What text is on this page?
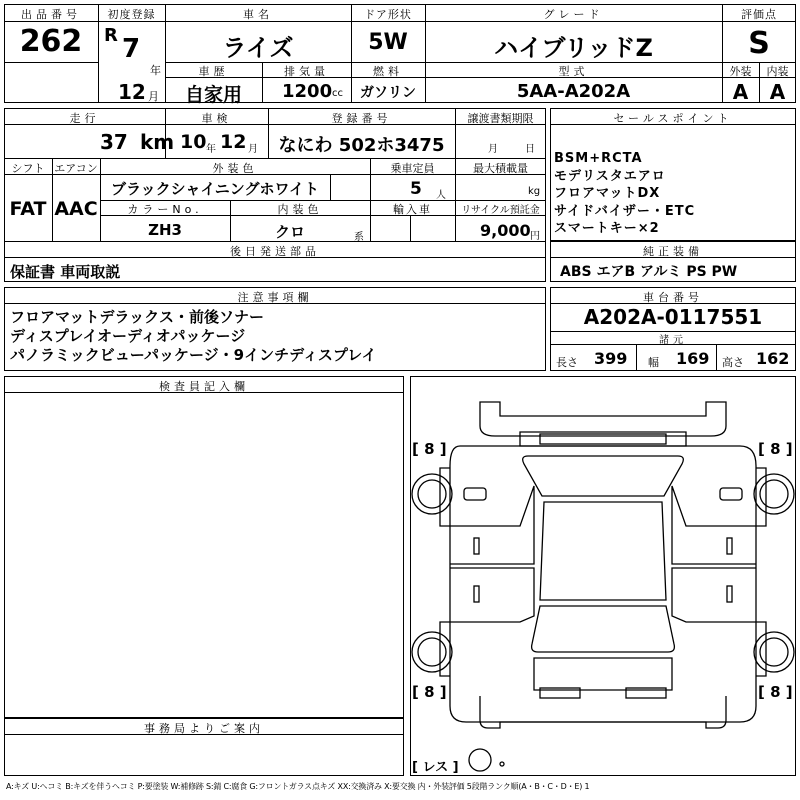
出品番号
262
初度登録
R 7
年
12 月
車名
ライズ
ドア形状
5W
グレード
ハイブリッドZ
評価点
S
車歴
自家用
排気量
1200 cc
燃料
ガソリン
型式
5AA-A202A
外装
A
内装
A
走行
37 km
車検
10 年 12 月
登録番号
なにわ 502ホ3475
譲渡書類期限
月	日
シフト
FAT
エアコン
AAC
外装色
ブラックシャイニングホワイト
乗車定員
5 人
最大積載量
kg
カラーNo.
ZH3
内装色
クロ	系
輸入車	リサイクル預託金
9,000 円
後日発送部品
保証書 車両取説
セールスポイント
BSM+RCTA
モデリスタエアロ
フロアマットDX
サイドバイザー・ETC
スマートキー×2
純正装備
ABS エアB アルミ PS PW
注意事項欄
フロアマットデラックス・前後ソナー
ディスプレイオーディオパッケージ
パノラミックビューパッケージ・9インチディスプレイ
車台番号
A202A-0117551
諸元
長さ 399 幅 169 高さ 162
検査員記入欄
事務局よりご案内
[ 8 ]	[ 8 ]
[ 8 ]	[ 8 ]
[ レス ]
A:キズ U:ヘコミ B:キズを伴うヘコミ P:要塗装 W:補修跡 S:錆 C:腐食 G:フロントガラス点キズ XX:交換済み X:要交換 内・外装評価 5段階ランク順(A・B・C・D・E) 1
